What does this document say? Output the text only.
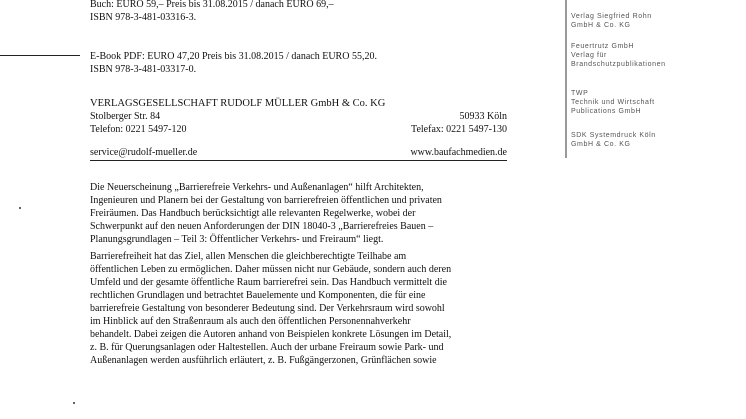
Buch: EURO 59,– Preis bis 31.08.2015 / danach EURO 69,–
ISBN 978-3-481-03316-3.
E-Book PDF: EURO 47,20 Preis bis 31.08.2015 / danach EURO 55,20.
ISBN 978-3-481-03317-0.
VERLAGSGESELLSCHAFT RUDOLF MÜLLER GmbH & Co. KG
Stolberger Str. 84	50933 Köln
Telefon: 0221 5497-120	Telefax: 0221 5497-130
service@rudolf-mueller.de	www.baufachmedien.de
Verlag Siegfried Rohn
GmbH & Co. KG
Feuertrutz GmbH
Verlag für
Brandschutzpublikationen
TWP
Technik und Wirtschaft
Publications GmbH
SDK Systemdruck Köln
GmbH & Co. KG
Die Neuerscheinung „Barrierefreie Verkehrs- und Außenanlagen“ hilft Architekten,
Ingenieuren und Planern bei der Gestaltung von barrierefreien öffentlichen und privaten
Freiräumen. Das Handbuch berücksichtigt alle relevanten Regelwerke, wobei der
Schwerpunkt auf den neuen Anforderungen der DIN 18040-3 „Barrierefreies Bauen –
Planungsgrundlagen – Teil 3: Öffentlicher Verkehrs- und Freiraum“ liegt.
Barrierefreiheit hat das Ziel, allen Menschen die gleichberechtigte Teilhabe am
öffentlichen Leben zu ermöglichen. Daher müssen nicht nur Gebäude, sondern auch deren
Umfeld und der gesamte öffentliche Raum barrierefrei sein. Das Handbuch vermittelt die
rechtlichen Grundlagen und betrachtet Bauelemente und Komponenten, die für eine
barrierefreie Gestaltung von besonderer Bedeutung sind. Der Verkehrsraum wird sowohl
im Hinblick auf den Straßenraum als auch den öffentlichen Personennahverkehr
behandelt. Dabei zeigen die Autoren anhand von Beispielen konkrete Lösungen im Detail,
z. B. für Querungsanlagen oder Haltestellen. Auch der urbane Freiraum sowie Park- und
Außenanlagen werden ausführlich erläutert, z. B. Fußgängerzonen, Grünflächen sowie
